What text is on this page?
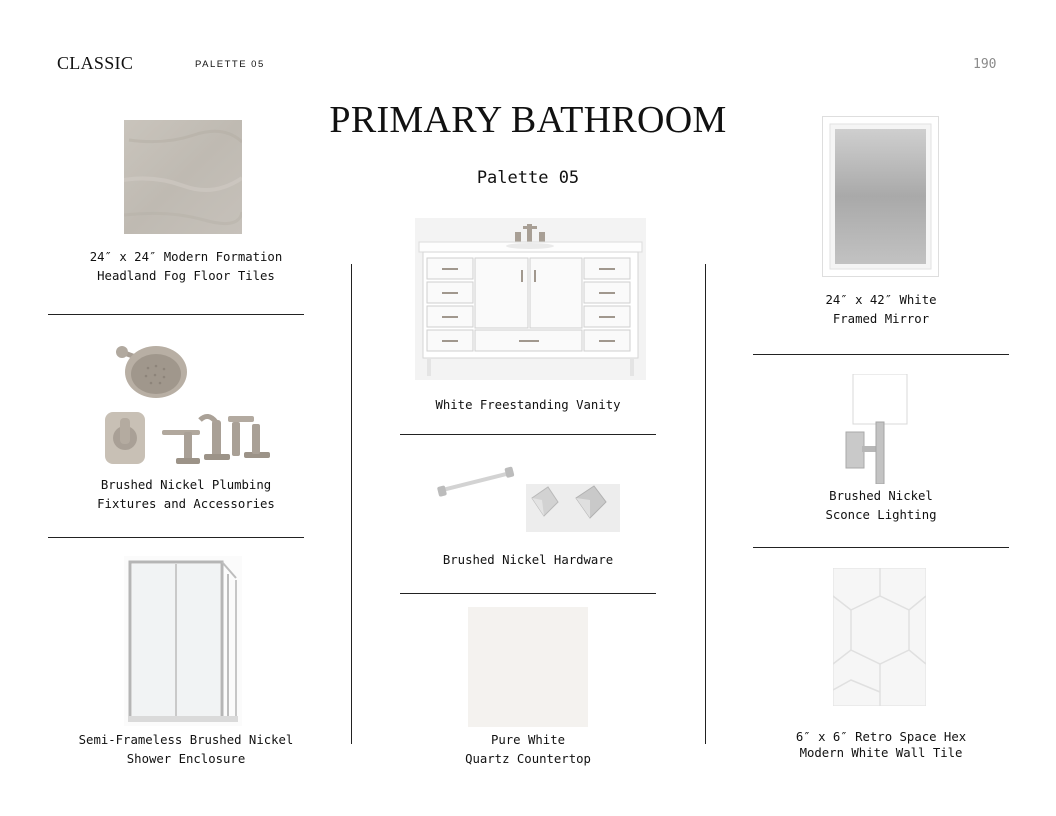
CLASSIC	PALETTE 05	190
PRIMARY BATHROOM
Palette 05
24″ x 24″ Modern Formation
Headland Fog Floor Tiles
Brushed Nickel Plumbing
Fixtures and Accessories
Semi-Frameless Brushed Nickel
Shower Enclosure
White Freestanding Vanity
Brushed Nickel Hardware
Pure White
Quartz Countertop
24″ x 42″ White
Framed Mirror
Brushed Nickel
Sconce Lighting
6″ x 6″ Retro Space Hex
Modern White Wall Tile
